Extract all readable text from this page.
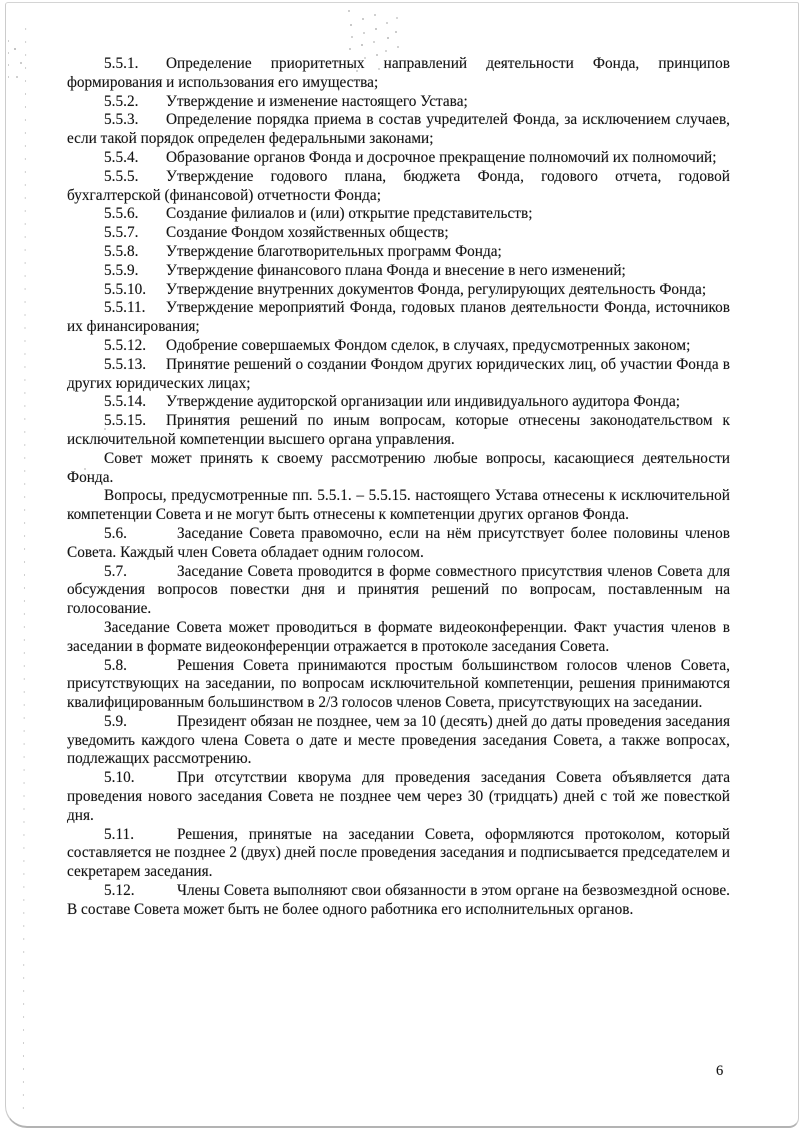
5.5.1. Определение приоритетных направлений деятельности Фонда, принципов формирования и использования его имущества;

5.5.2. Утверждение и изменение настоящего Устава;

5.5.3. Определение порядка приема в состав учредителей Фонда, за исключением случаев, если такой порядок определен федеральными законами;

5.5.4. Образование органов Фонда и досрочное прекращение полномочий их полномочий;

5.5.5. Утверждение годового плана, бюджета Фонда, годового отчета, годовой бухгалтерской (финансовой) отчетности Фонда;

5.5.6. Создание филиалов и (или) открытие представительств;

5.5.7. Создание Фондом хозяйственных обществ;

5.5.8. Утверждение благотворительных программ Фонда;

5.5.9. Утверждение финансового плана Фонда и внесение в него изменений;

5.5.10. Утверждение внутренних документов Фонда, регулирующих деятельность Фонда;

5.5.11. Утверждение мероприятий Фонда, годовых планов деятельности Фонда, источников их финансирования;

5.5.12. Одобрение совершаемых Фондом сделок, в случаях, предусмотренных законом;

5.5.13. Принятие решений о создании Фондом других юридических лиц, об участии Фонда в других юридических лицах;

5.5.14. Утверждение аудиторской организации или индивидуального аудитора Фонда;

5.5.15. Принятия решений по иным вопросам, которые отнесены законодательством к исключительной компетенции высшего органа управления.

Совет может принять к своему рассмотрению любые вопросы, касающиеся деятельности Фонда.

Вопросы, предусмотренные пп. 5.5.1. – 5.5.15. настоящего Устава отнесены к исключительной компетенции Совета и не могут быть отнесены к компетенции других органов Фонда.

5.6.	Заседание Совета правомочно, если на нём присутствует более половины членов Совета. Каждый член Совета обладает одним голосом.

5.7.	Заседание Совета проводится в форме совместного присутствия членов Совета для обсуждения вопросов повестки дня и принятия решений по вопросам, поставленным на голосование.

Заседание Совета может проводиться в формате видеоконференции. Факт участия членов в заседании в формате видеоконференции отражается в протоколе заседания Совета.

5.8.	Решения Совета принимаются простым большинством голосов членов Совета, присутствующих на заседании, по вопросам исключительной компетенции, решения принимаются квалифицированным большинством в 2/3 голосов членов Совета, присутствующих на заседании.

5.9.	Президент обязан не позднее, чем за 10 (десять) дней до даты проведения заседания уведомить каждого члена Совета о дате и месте проведения заседания Совета, а также вопросах, подлежащих рассмотрению.

5.10.	При отсутствии кворума для проведения заседания Совета объявляется дата проведения нового заседания Совета не позднее чем через 30 (тридцать) дней с той же повесткой дня.

5.11.	Решения, принятые на заседании Совета, оформляются протоколом, который составляется не позднее 2 (двух) дней после проведения заседания и подписывается председателем и секретарем заседания.

5.12.	Члены Совета выполняют свои обязанности в этом органе на безвозмездной основе. В составе Совета может быть не более одного работника его исполнительных органов.

6
